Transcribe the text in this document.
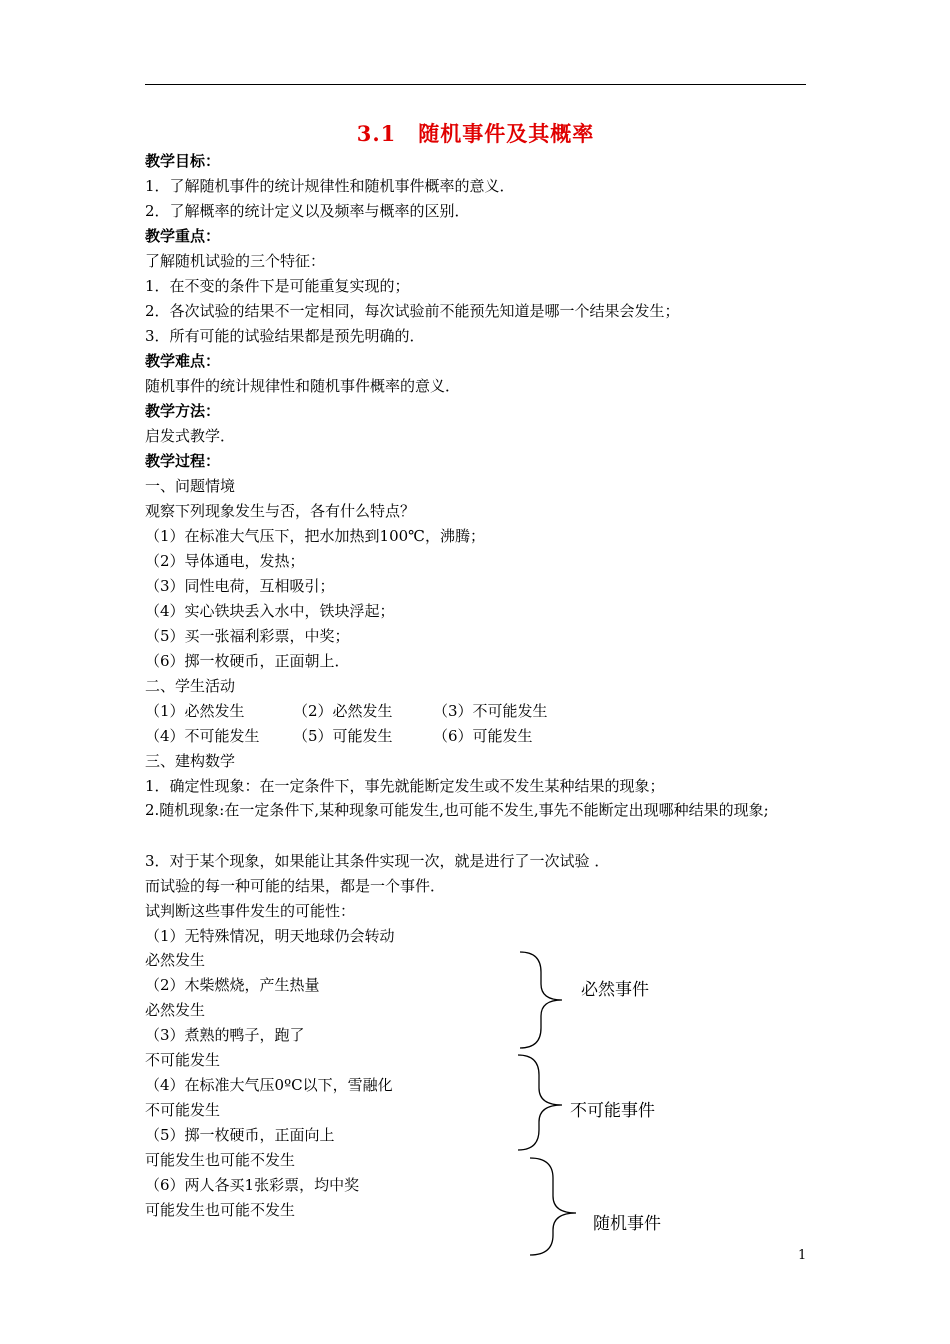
3.1　随机事件及其概率
教学目标：
1．了解随机事件的统计规律性和随机事件概率的意义．
2．了解概率的统计定义以及频率与概率的区别．
教学重点：
了解随机试验的三个特征：
1．在不变的条件下是可能重复实现的；
2．各次试验的结果不一定相同，每次试验前不能预先知道是哪一个结果会发生；
3．所有可能的试验结果都是预先明确的．
教学难点：
随机事件的统计规律性和随机事件概率的意义．
教学方法：
启发式教学．
教学过程：
一、问题情境
观察下列现象发生与否，各有什么特点？
（1）在标准大气压下，把水加热到100℃，沸腾；
（2）导体通电，发热；
（3）同性电荷，互相吸引；
（4）实心铁块丢入水中，铁块浮起；
（5）买一张福利彩票，中奖；
（6）掷一枚硬币，正面朝上．
二、学生活动
（1）必然发生	（2）必然发生	（3）不可能发生
（4）不可能发生 （5）可能发生	（6）可能发生
三、建构数学
1．确定性现象：在一定条件下，事先就能断定发生或不发生某种结果的现象；
2.随机现象:在一定条件下,某种现象可能发生,也可能不发生,事先不能断定出现哪种结果的现象;
3．对于某个现象，如果能让其条件实现一次，就是进行了一次试验 ．
而试验的每一种可能的结果，都是一个事件．
试判断这些事件发生的可能性：
（1）无特殊情况，明天地球仍会转动
必然发生
（2）木柴燃烧，产生热量
必然发生
（3）煮熟的鸭子，跑了
不可能发生
（4）在标准大气压0ºC以下，雪融化
不可能发生
（5）掷一枚硬币，正面向上
可能发生也可能不发生
（6）两人各买1张彩票，均中奖
可能发生也可能不发生
必然事件
不可能事件
随机事件
1
